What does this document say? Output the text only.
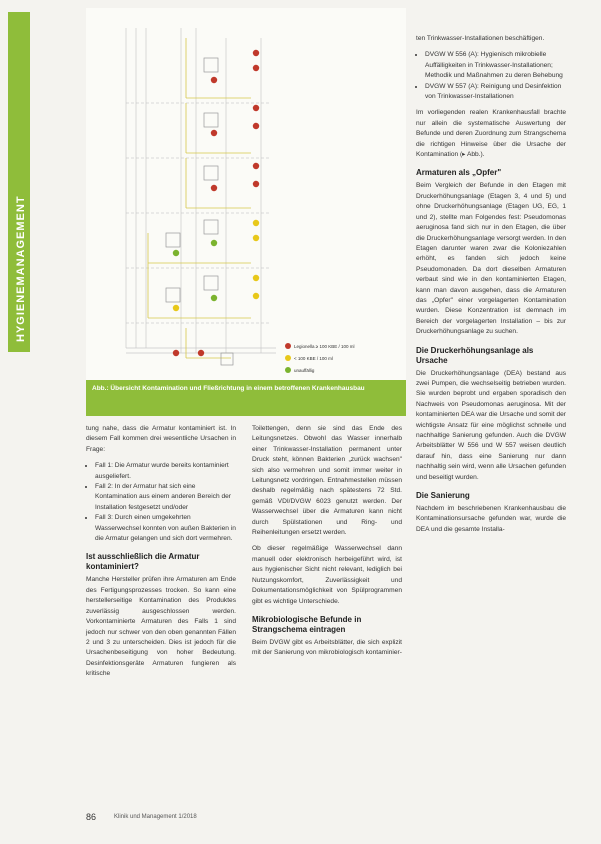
HYGIENEMANAGEMENT
Legionella ≥ 100 KBE / 100 ml
< 100 KBE / 100 ml
unauffällig
Abb.: Übersicht Kontamination und Fließrichtung in einem betroffenen Krankenhausbau

tung nahe, dass die Armatur kontaminiert ist. In diesem Fall kommen drei wesentliche Ursachen in Frage:

• Fall 1: Die Armatur wurde bereits kontaminiert ausgeliefert.
• Fall 2: In der Armatur hat sich eine Kontamination aus einem anderen Bereich der Installation festgesetzt und/oder
• Fall 3: Durch einen umgekehrten Wasserwechsel konnten von außen Bakterien in die Armatur gelangen und sich dort vermehren.
Ist ausschließlich die Armatur kontaminiert?

Manche Hersteller prüfen ihre Armaturen am Ende des Fertigungsprozesses trocken. So kann eine herstellerseitige Kontamination des Produktes zuverlässig ausgeschlossen werden. Vorkontaminierte Armaturen des Falls 1 sind jedoch nur schwer von den oben genannten Fällen 2 und 3 zu unterscheiden. Dies ist jedoch für die Ursachenbeseitigung von hoher Bedeutung. Desinfektionsgeräte Armaturen fungieren als kritische

Toilettengen, denn sie sind das Ende des Leitungsnetzes. Obwohl das Wasser innerhalb einer Trinkwasser-Installation permanent unter Druck steht, können Bakterien „zurück wachsen" sich also vermehren und somit immer weiter in Leitungsnetz vordringen. Entnahmestellen müssen deshalb regelmäßig nach spätestens 72 Std. gemäß VDI/DVGW 6023 genutzt werden. Der Wasserwechsel über die Armaturen kann nicht durch Spülstationen und Ring- und Reihenleitungen ersetzt werden.

Ob dieser regelmäßige Wasserwechsel dann manuell oder elektronisch herbeigeführt wird, ist aus hygienischer Sicht nicht relevant, lediglich bei Nutzungskomfort, Zuverlässigkeit und Dokumentationsmöglichkeit von Spülprogrammen gibt es wichtige Unterschiede.

Mikrobiologische Befunde in Strangschema eintragen

Beim DVGW gibt es Arbeitsblätter, die sich explizit mit der Sanierung von mikrobiologisch kontaminier-

ten Trinkwasser-Installationen beschäftigen.

• DVGW W 556 (A): Hygienisch mikrobielle Auffälligkeiten in Trinkwasser-Installationen; Methodik und Maßnahmen zu deren Behebung
• DVGW W 557 (A): Reinigung und Desinfektion von Trinkwasser-Installationen

Im vorliegenden realen Krankenhausfall brachte nur allein die systematische Auswertung der Befunde und deren Zuordnung zum Strangschema die richtigen Hinweise über die Ursache der Kontamination (▸ Abb.).

Armaturen als „Opfer"

Beim Vergleich der Befunde in den Etagen mit Druckerhöhungsanlage (Etagen 3, 4 und 5) und ohne Druckerhöhungsanlage (Etagen UG, EG, 1 und 2), stellte man Folgendes fest: Pseudomonas aeruginosa fand sich nur in den Etagen, die über die Druckerhöhungsanlage versorgt werden. In den Etagen darunter waren zwar die Koloniezahlen erhöht, es fanden sich jedoch keine Pseudomonaden. Da dort dieselben Armaturen verbaut sind wie in den kontaminierten Etagen, kann man davon ausgehen, dass die Armaturen das „Opfer" einer vorgelagerten Kontamination wurden. Diese Konzentration ist demnach im Bereich der vorgelagerten Installation – bis zur Druckerhöhungsanlage zu suchen.

Die Druckerhöhungsanlage als Ursache

Die Druckerhöhungsanlage (DEA) bestand aus zwei Pumpen, die wechselseitig betrieben wurden. Sie wurden beprobt und ergaben sporadisch den Nachweis von Pseudomonas aeruginosa. Mit der kontaminierten DEA war die Ursache und somit der wichtigste Ansatz für eine möglichst schnelle und nachhaltige Sanierung gefunden. Auch die DVGW Arbeitsblätter W 556 und W 557 weisen deutlich darauf hin, dass eine Sanierung nur dann nachhaltig sein wird, wenn alle Ursachen gefunden und beseitigt wurden.

Die Sanierung

Nachdem im beschriebenen Krankenhausbau die Kontaminationsursache gefunden war, wurde die DEA und die gesamte Installa-

86	Klinik und Management 1/2018
